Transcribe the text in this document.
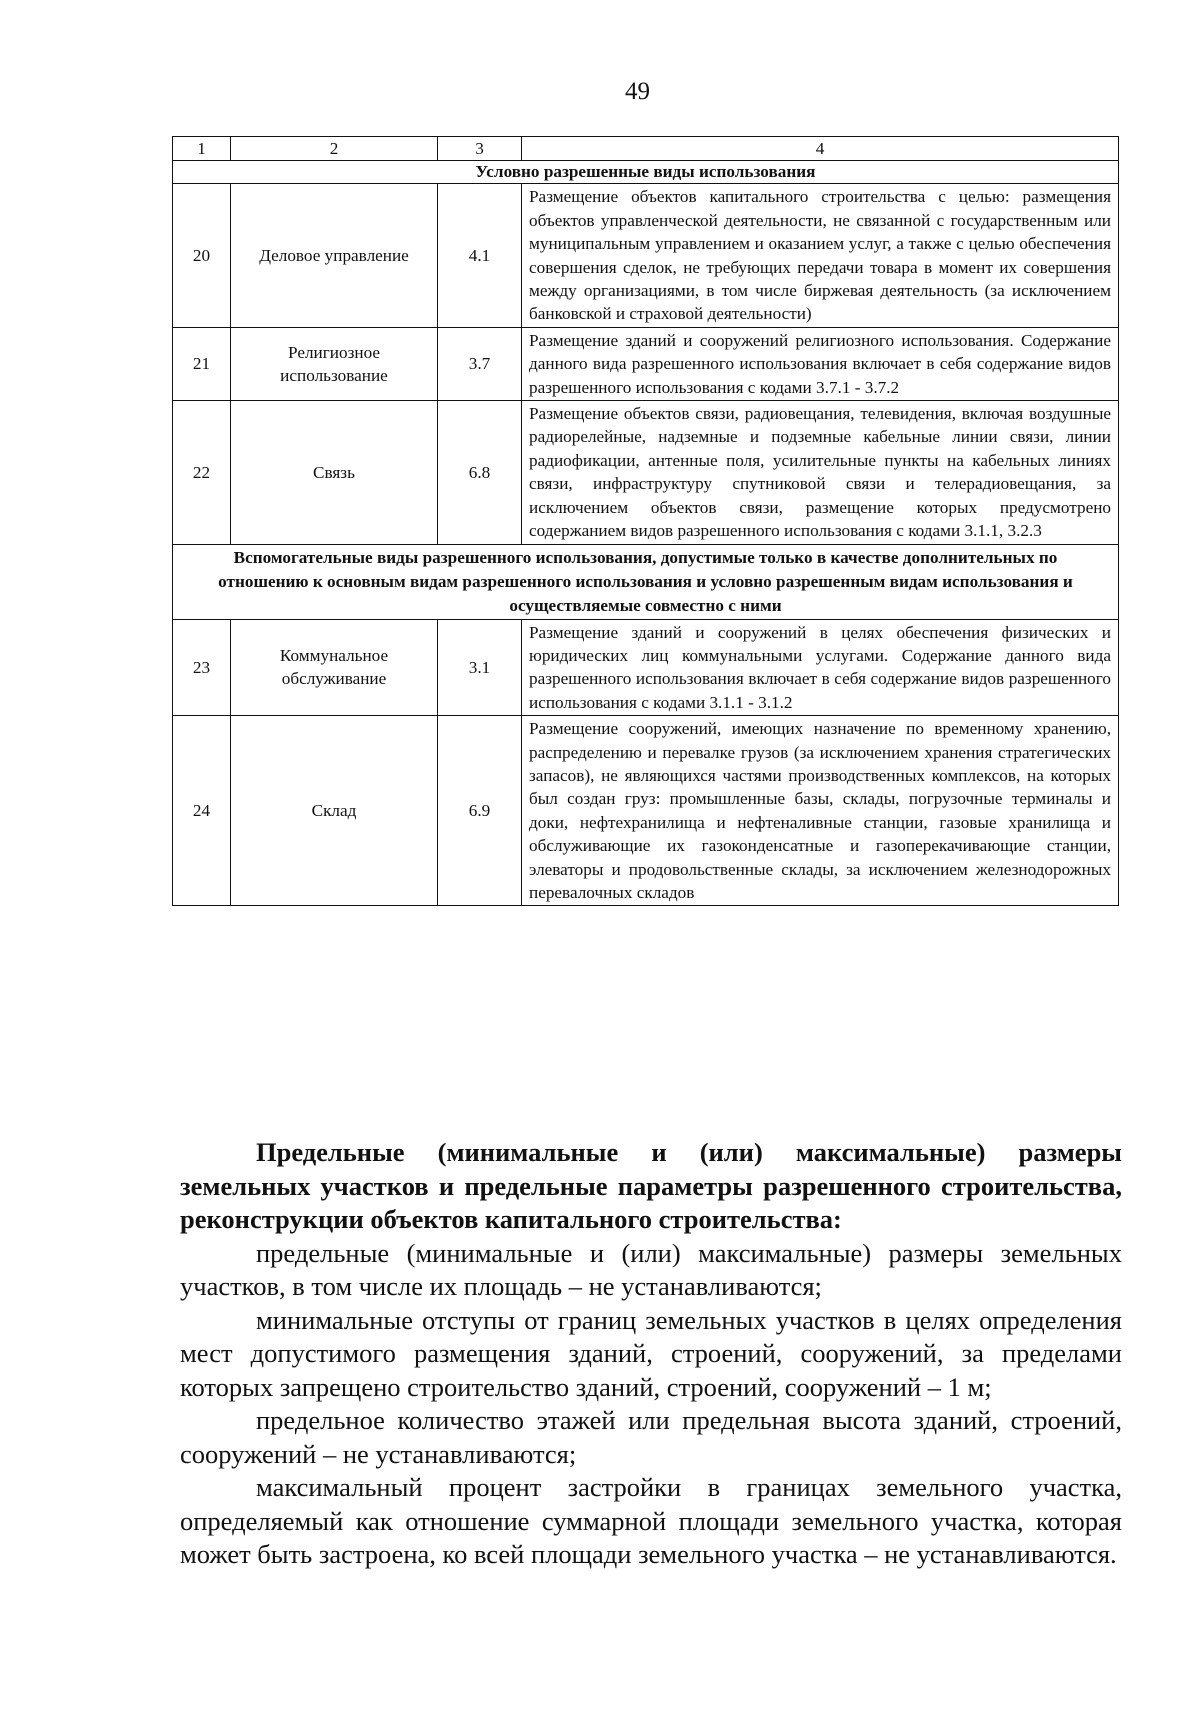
49
1	2	3	4
Условно разрешенные виды использования			
20	Деловое управление	4.1	Размещение объектов капитального строительства с целью: размещения объектов управленческой деятельности, не связанной с государственным или муниципальным управлением и оказанием услуг, а также с целью обеспечения совершения сделок, не требующих передачи товара в момент их совершения между организациями, в том числе биржевая деятельность (за исключением банковской и страховой деятельности)
21	Религиозное использование	3.7	Размещение зданий и сооружений религиозного использования. Содержание данного вида разрешенного использования включает в себя содержание видов разрешенного использования с кодами 3.7.1 - 3.7.2
22	Связь	6.8	Размещение объектов связи, радиовещания, телевидения, включая воздушные радиорелейные, надземные и подземные кабельные линии связи, линии радиофикации, антенные поля, усилительные пункты на кабельных линиях связи, инфраструктуру спутниковой связи и телерадиовещания, за исключением объектов связи, размещение которых предусмотрено содержанием видов разрешенного использования с кодами 3.1.1, 3.2.3
Вспомогательные виды разрешенного использования, допустимые только в качестве дополнительных по отношению к основным видам разрешенного использования и условно разрешенным видам использования и осуществляемые совместно с ними			
23	Коммунальное обслуживание	3.1	Размещение зданий и сооружений в целях обеспечения физических и юридических лиц коммунальными услугами. Содержание данного вида разрешенного использования включает в себя содержание видов разрешенного использования с кодами 3.1.1 - 3.1.2
24	Склад	6.9	Размещение сооружений, имеющих назначение по временному хранению, распределению и перевалке грузов (за исключением хранения стратегических запасов), не являющихся частями производственных комплексов, на которых был создан груз: промышленные базы, склады, погрузочные терминалы и доки, нефтехранилища и нефтеналивные станции, газовые хранилища и обслуживающие их газоконденсатные и газоперекачивающие станции, элеваторы и продовольственные склады, за исключением железнодорожных перевалочных складов

Предельные (минимальные и (или) максимальные) размеры земельных участков и предельные параметры разрешенного строительства, реконструкции объектов капитального строительства:

предельные (минимальные и (или) максимальные) размеры земельных участков, в том числе их площадь – не устанавливаются;

минимальные отступы от границ земельных участков в целях определения мест допустимого размещения зданий, строений, сооружений, за пределами которых запрещено строительство зданий, строений, сооружений – 1 м;

предельное количество этажей или предельная высота зданий, строений, сооружений – не устанавливаются;

максимальный процент застройки в границах земельного участка, определяемый как отношение суммарной площади земельного участка, которая может быть застроена, ко всей площади земельного участка – не устанавливаются.
